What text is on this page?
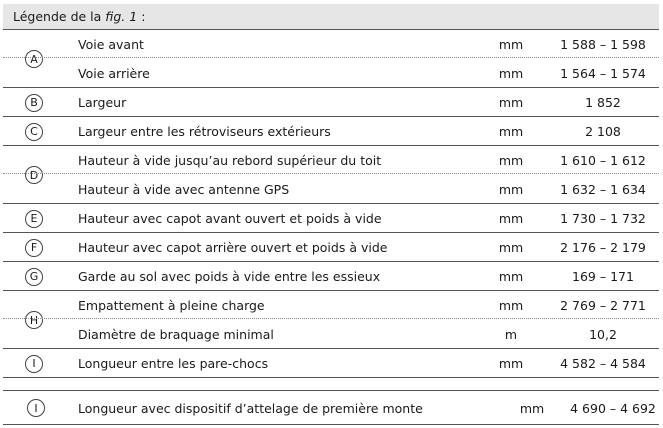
Légende de la fig. 1 :
A
Voie avant	mm	1 588 – 1 598
Voie arrière	mm	1 564 – 1 574
B	Largeur	mm	1 852
C	Largeur entre les rétroviseurs extérieurs	mm	2 108
D
Hauteur à vide jusqu’au rebord supérieur du toit	mm	1 610 – 1 612
Hauteur à vide avec antenne GPS	mm	1 632 – 1 634
E	Hauteur avec capot avant ouvert et poids à vide	mm	1 730 – 1 732
F	Hauteur avec capot arrière ouvert et poids à vide	mm	2 176 – 2 179
G	Garde au sol avec poids à vide entre les essieux	mm	169 – 171
H
Empattement à pleine charge	mm	2 769 – 2 771
Diamètre de braquage minimal	m	10,2
I	Longueur entre les pare-chocs	mm	4 582 – 4 584
I	Longueur avec dispositif d’attelage de première monte	mm	4 690 – 4 692
